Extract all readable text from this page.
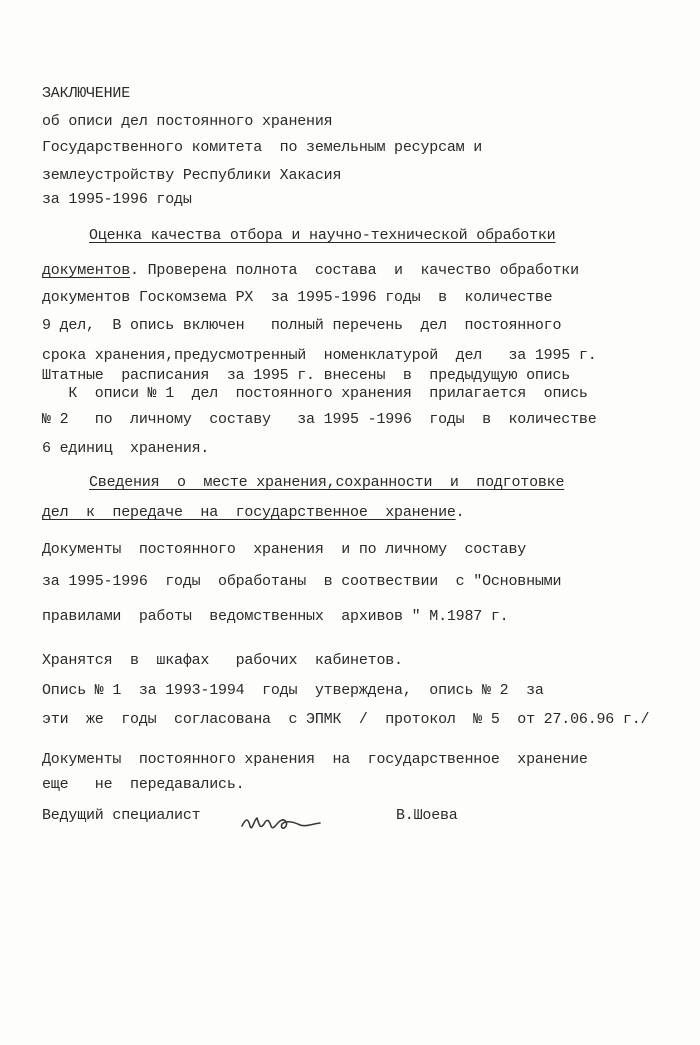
ЗАКЛЮЧЕНИЕ
об описи дел постоянного хранения
Государственного комитета  по земельным ресурсам и
землеустройству Республики Хакасия
за 1995-1996 годы
Оценка качества отбора и научно-технической обработки
документов. Проверена полнота  состава  и  качество обработки
документов Госкомзема РХ  за 1995-1996 годы  в  количестве
9 дел,  В опись включен   полный перечень  дел  постоянного
срока хранения,предусмотренный  номенклатурой  дел   за 1995 г.
Штатные  расписания  за 1995 г. внесены  в  предыдущую опись
К  описи № 1  дел  постоянного хранения  прилагается  опись
№ 2   по  личному  составу   за 1995 -1996  годы  в  количестве
6 единиц  хранения.
Сведения  о  месте хранения,сохранности  и  подготовке
дел  к  передаче  на  государственное  хранение.
Документы  постоянного  хранения  и по личному  составу
за 1995-1996  годы  обработаны  в соотвествии  с "Основными
правилами  работы  ведомственных  архивов " М.1987 г.
Хранятся  в  шкафах   рабочих  кабинетов.
Опись № 1  за 1993-1994  годы  утверждена,  опись № 2  за
эти  же  годы  согласована  с ЭПМК  /  протокол  № 5  от 27.06.96 г./
Документы  постоянного хранения  на  государственное  хранение
еще   не  передавались.
Ведущий специалист	В.Шоева
